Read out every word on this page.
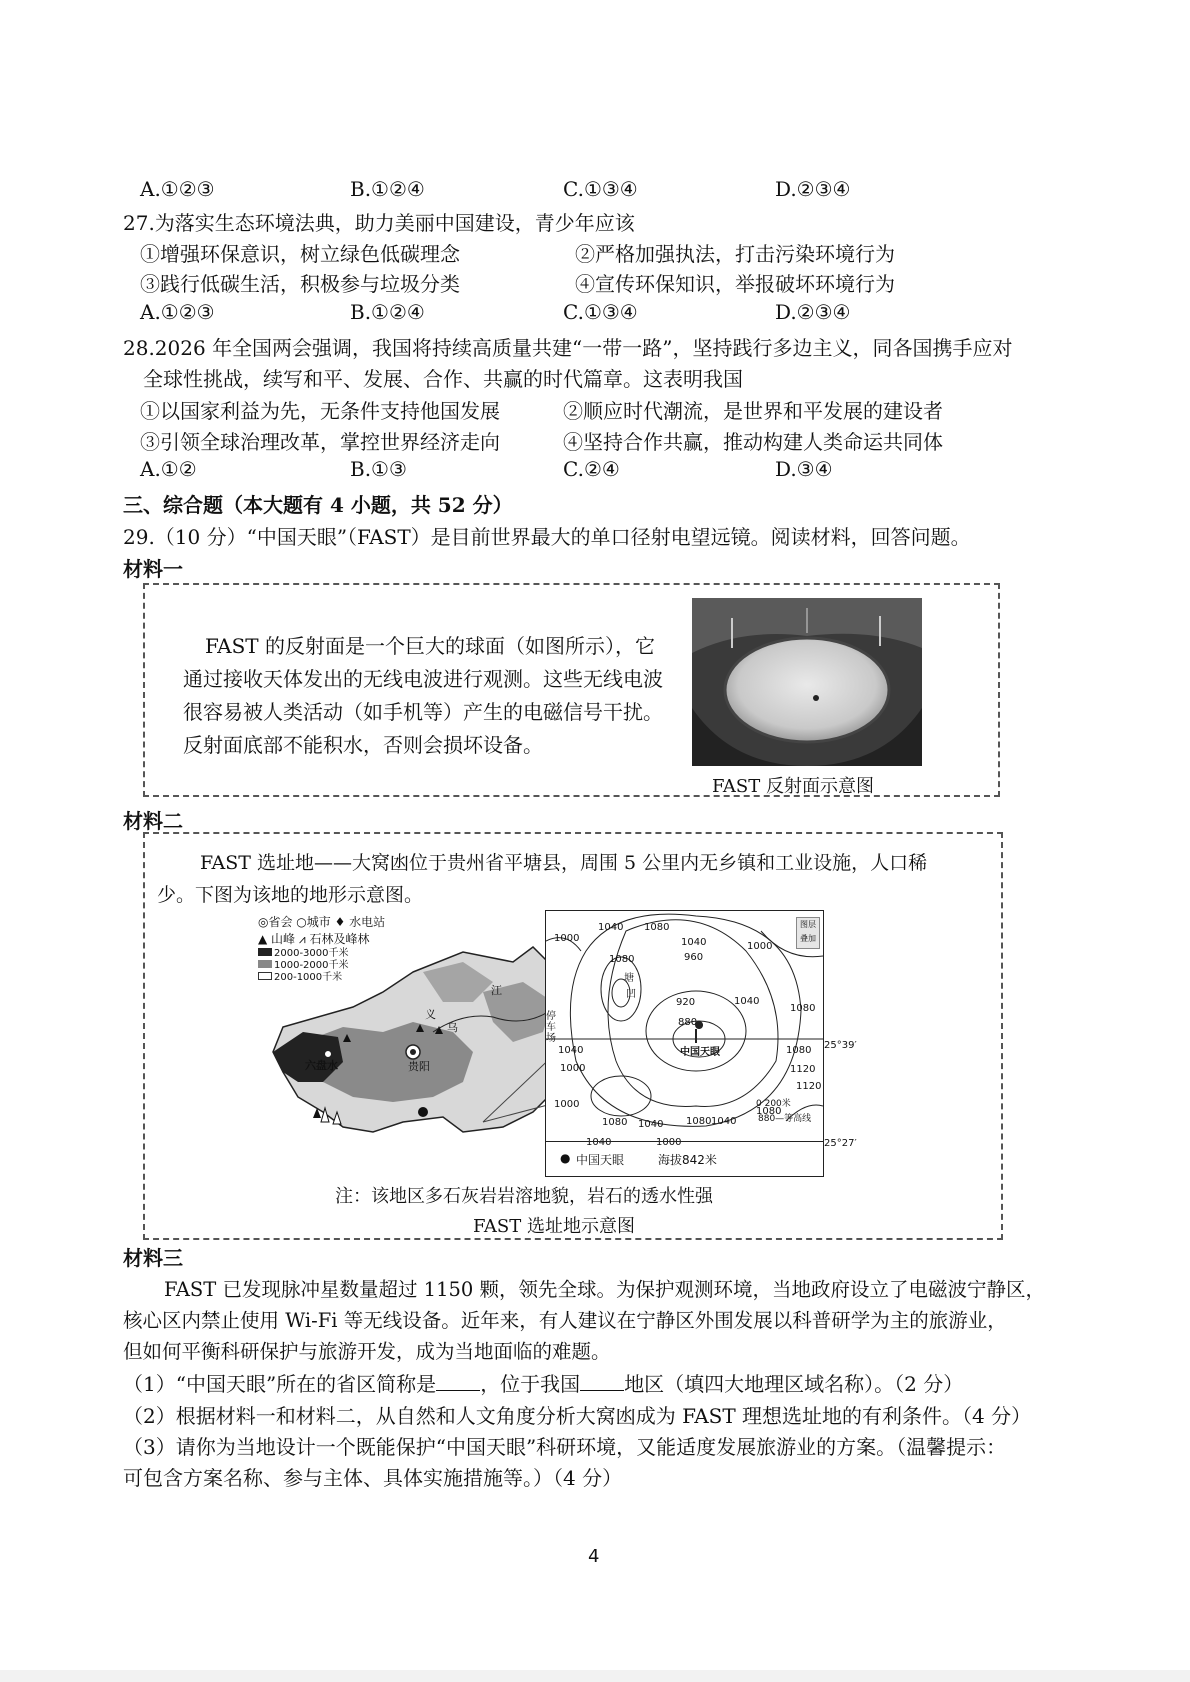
A.①②③	B.①②④	C.①③④	D.②③④
27.为落实生态环境法典，助力美丽中国建设，青少年应该
①增强环保意识，树立绿色低碳理念	②严格加强执法，打击污染环境行为
③践行低碳生活，积极参与垃圾分类	④宣传环保知识，举报破坏环境行为
A.①②③	B.①②④	C.①③④	D.②③④
28.2026 年全国两会强调，我国将持续高质量共建“一带一路”，坚持践行多边主义，同各国携手应对
全球性挑战，续写和平、发展、合作、共赢的时代篇章。这表明我国
①以国家利益为先，无条件支持他国发展	②顺应时代潮流，是世界和平发展的建设者
③引领全球治理改革，掌控世界经济走向	④坚持合作共赢，推动构建人类命运共同体
A.①②	B.①③	C.②④	D.③④
三、综合题（本大题有 4 小题，共 52 分）
29.（10 分）“中国天眼”（FAST）是目前世界最大的单口径射电望远镜。阅读材料，回答问题。
材料一
FAST 的反射面是一个巨大的球面（如图所示），它
通过接收天体发出的无线电波进行观测。这些无线电波
很容易被人类活动（如手机等）产生的电磁信号干扰。
反射面底部不能积水，否则会损坏设备。
FAST 反射面示意图
材料二
FAST 选址地——大窝凼位于贵州省平塘县，周围 5 公里内无乡镇和工业设施，人口稀
少。下图为该地的地形示意图。
◎省会 ○城市 ♦ 水电站
▲ 山峰 ⩘ 石林及峰林
2000-3000千米
1000-2000千米
200-1000千米
六盘水	贵阳
江
乌
义
1000
1040 1080
1040	1000
1080	960
920
880
1040
1080
1120
1040
1000
1080
1000
1040
1080 1040 1080
1120
1080
1040	1000
塘
凹
停车场
中国天眼
图层
叠加
0 200米
880—等高线
● 中国天眼	海拔842米
25°39′
25°27′
注：该地区多石灰岩岩溶地貌，岩石的透水性强
FAST 选址地示意图
材料三
FAST 已发现脉冲星数量超过 1150 颗，领先全球。为保护观测环境，当地政府设立了电磁波宁静区，
核心区内禁止使用 Wi-Fi 等无线设备。近年来，有人建议在宁静区外围发展以科普研学为主的旅游业，
但如何平衡科研保护与旅游开发，成为当地面临的难题。
（1）“中国天眼”所在的省区简称是 ，位于我国 地区（填四大地理区域名称）。（2 分）
（2）根据材料一和材料二，从自然和人文角度分析大窝凼成为 FAST 理想选址地的有利条件。（4 分）
（3）请你为当地设计一个既能保护“中国天眼”科研环境，又能适度发展旅游业的方案。（温馨提示：
可包含方案名称、参与主体、具体实施措施等。）（4 分）
4
